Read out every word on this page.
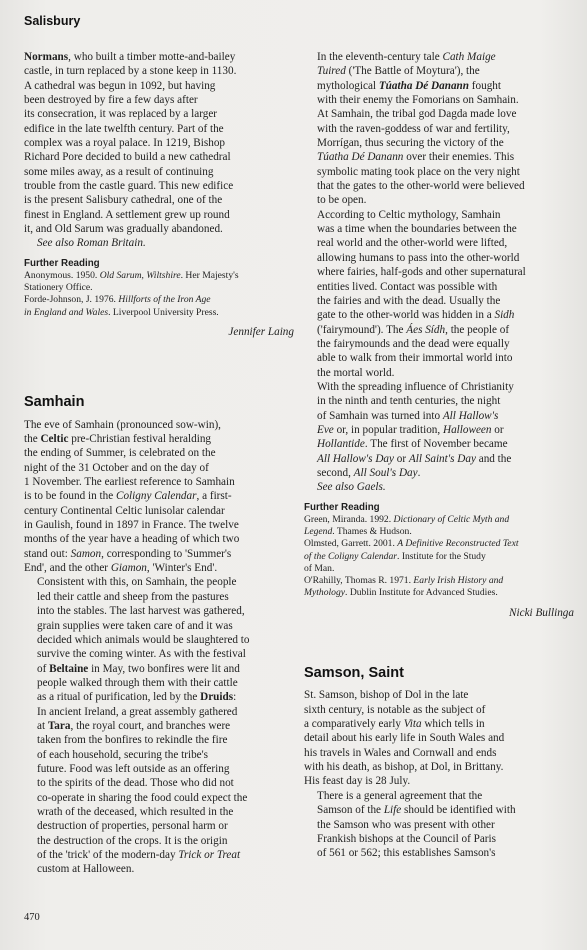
Salisbury
Normans, who built a timber motte-and-bailey
castle, in turn replaced by a stone keep in 1130.
A cathedral was begun in 1092, but having
been destroyed by fire a few days after
its consecration, it was replaced by a larger
edifice in the late twelfth century. Part of the
complex was a royal palace. In 1219, Bishop
Richard Pore decided to build a new cathedral
some miles away, as a result of continuing
trouble from the castle guard. This new edifice
is the present Salisbury cathedral, one of the
finest in England. A settlement grew up round
it, and Old Sarum was gradually abandoned.
See also Roman Britain.
Further Reading
Anonymous. 1950. Old Sarum, Wiltshire. Her Majesty's
Stationery Office.
Forde-Johnson, J. 1976. Hillforts of the Iron Age
in England and Wales. Liverpool University Press.
Jennifer Laing
Samhain
The eve of Samhain (pronounced sow-win),
the Celtic pre-Christian festival heralding
the ending of Summer, is celebrated on the
night of the 31 October and on the day of
1 November. The earliest reference to Samhain
is to be found in the Coligny Calendar, a first-
century Continental Celtic lunisolar calendar
in Gaulish, found in 1897 in France. The twelve
months of the year have a heading of which two
stand out: Samon, corresponding to 'Summer's
End', and the other Giamon, 'Winter's End'.
Consistent with this, on Samhain, the people
led their cattle and sheep from the pastures
into the stables. The last harvest was gathered,
grain supplies were taken care of and it was
decided which animals would be slaughtered to
survive the coming winter. As with the festival
of Beltaine in May, two bonfires were lit and
people walked through them with their cattle
as a ritual of purification, led by the Druids:
In ancient Ireland, a great assembly gathered
at Tara, the royal court, and branches were
taken from the bonfires to rekindle the fire
of each household, securing the tribe's
future. Food was left outside as an offering
to the spirits of the dead. Those who did not
co-operate in sharing the food could expect the
wrath of the deceased, which resulted in the
destruction of properties, personal harm or
the destruction of the crops. It is the origin
of the 'trick' of the modern-day Trick or Treat
custom at Halloween.
In the eleventh-century tale Cath Maige
Tuired ('The Battle of Moytura'), the
mythological Túatha Dé Danann fought
with their enemy the Fomorians on Samhain.
At Samhain, the tribal god Dagda made love
with the raven-goddess of war and fertility,
Morrígan, thus securing the victory of the
Túatha Dé Danann over their enemies. This
symbolic mating took place on the very night
that the gates to the other-world were believed
to be open.
According to Celtic mythology, Samhain
was a time when the boundaries between the
real world and the other-world were lifted,
allowing humans to pass into the other-world
where fairies, half-gods and other supernatural
entities lived. Contact was possible with
the fairies and with the dead. Usually the
gate to the other-world was hidden in a Sidh
('fairymound'). The Áes Sídh, the people of
the fairymounds and the dead were equally
able to walk from their immortal world into
the mortal world.
With the spreading influence of Christianity
in the ninth and tenth centuries, the night
of Samhain was turned into All Hallow's
Eve or, in popular tradition, Halloween or
Hollantide. The first of November became
All Hallow's Day or All Saint's Day and the
second, All Soul's Day.
See also Gaels.
Further Reading
Green, Miranda. 1992. Dictionary of Celtic Myth and
Legend. Thames & Hudson.
Olmsted, Garrett. 2001. A Definitive Reconstructed Text
of the Coligny Calendar. Institute for the Study
of Man.
O'Rahilly, Thomas R. 1971. Early Irish History and
Mythology. Dublin Institute for Advanced Studies.
Nicki Bullinga
Samson, Saint
St. Samson, bishop of Dol in the late
sixth century, is notable as the subject of
a comparatively early Vita which tells in
detail about his early life in South Wales and
his travels in Wales and Cornwall and ends
with his death, as bishop, at Dol, in Brittany.
His feast day is 28 July.
There is a general agreement that the
Samson of the Life should be identified with
the Samson who was present with other
Frankish bishops at the Council of Paris
of 561 or 562; this establishes Samson's
470
